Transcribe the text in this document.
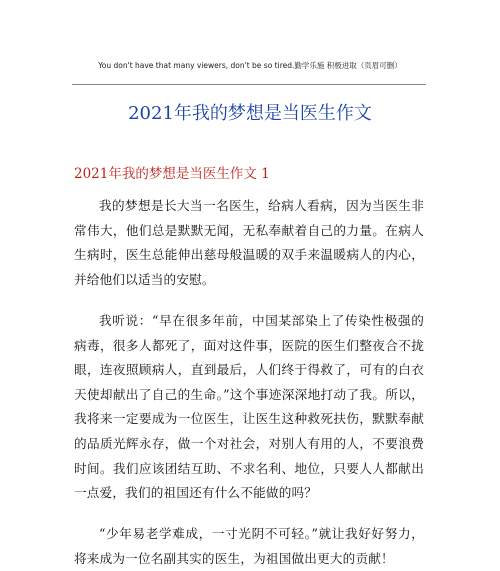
You don't have that many viewers, don't be so tired.勤学乐施 积极进取（页眉可删）
2021年我的梦想是当医生作文
2021年我的梦想是当医生作文 1

我的梦想是长大当一名医生，给病人看病，因为当医生非常伟大，他们总是默默无闻，无私奉献着自己的力量。在病人生病时，医生总能伸出慈母般温暖的双手来温暖病人的内心，并给他们以适当的安慰。

我听说：“早在很多年前，中国某部染上了传染性极强的病毒，很多人都死了，面对这件事，医院的医生们整夜合不拢眼，连夜照顾病人，直到最后，人们终于得救了，可有的白衣天使却献出了自己的生命。”这个事迹深深地打动了我。所以，我将来一定要成为一位医生，让医生这种救死扶伤，默默奉献的品质光辉永存，做一个对社会，对别人有用的人，不要浪费时间。我们应该团结互助、不求名利、地位，只要人人都献出一点爱，我们的祖国还有什么不能做的吗？

“少年易老学难成，一寸光阴不可轻。”就让我好好努力，将来成为一位名副其实的医生，为祖国做出更大的贡献！
